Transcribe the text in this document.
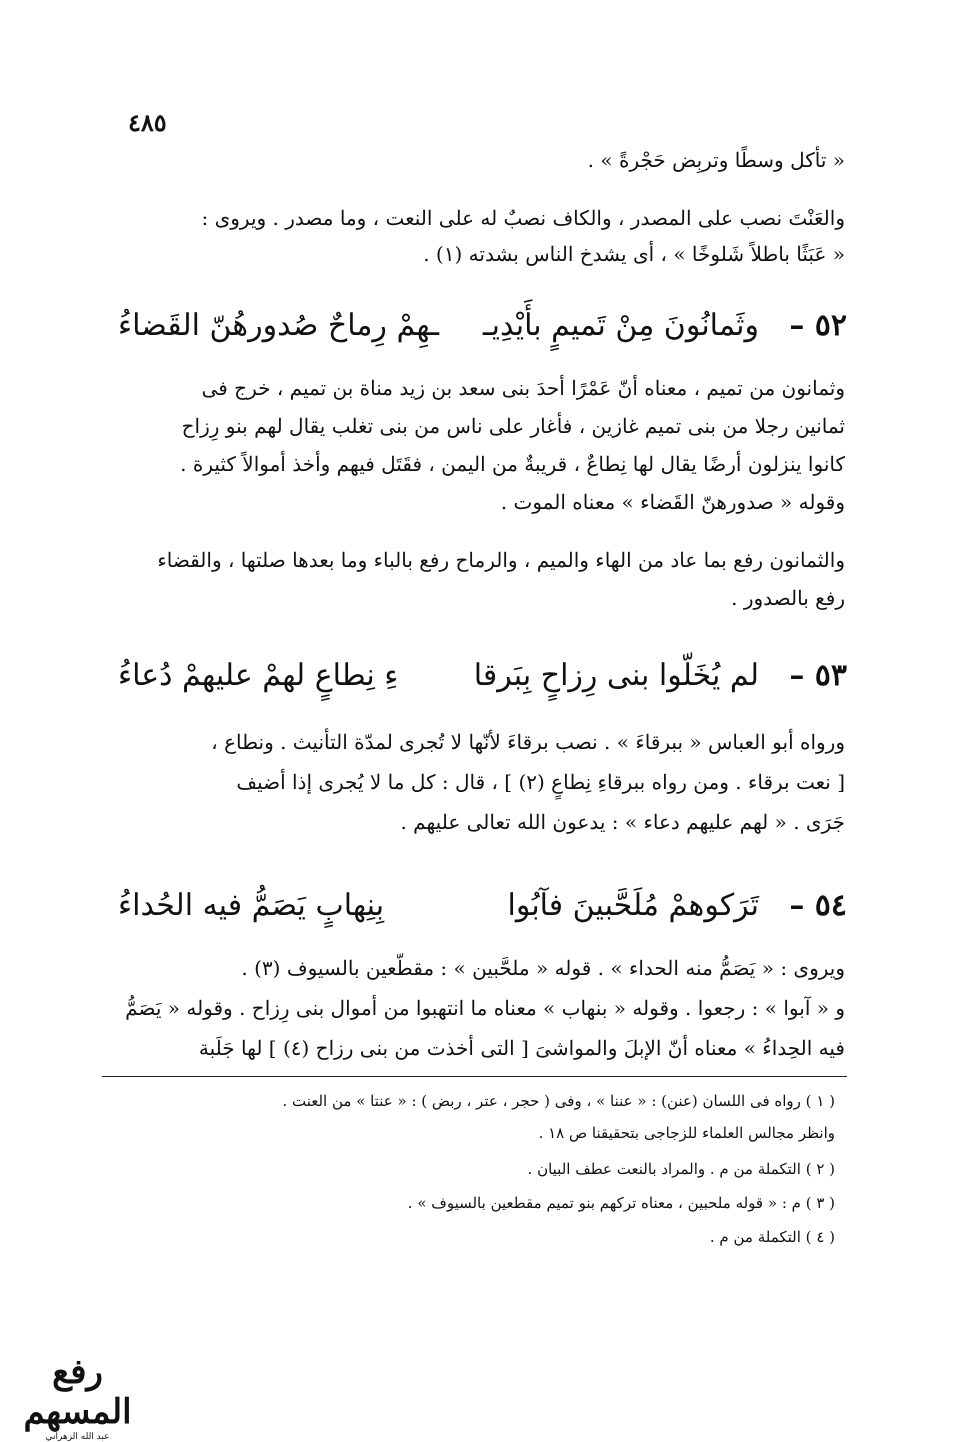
٤٨٥
« تأكل وسطًا وتربِض حَجْرةً » .
والعَنْتَ نصب على المصدر ، والكاف نصبٌ له على النعت ، وما مصدر . ويروى :
« عَبَثًا باطلاً شَلوخًا » ، أى يشدخ الناس بشدته (١) .
٥٢ –
وثَمانُونَ مِنْ تَميمٍ بأَيْدِيـ
ـهِمْ رِماحٌ صُدورهُنّ القَضاءُ
وثمانون من تميم ، معناه أنّ عَمْرًا أحدَ بنى سعد بن زيد مناة بن تميم ، خرج فى
ثمانين رجلا من بنى تميم غازين ، فأغار على ناس من بنى تغلب يقال لهم بنو رِزاح
كانوا ينزلون أرضًا يقال لها نِطاعٌ ، قريبةٌ من اليمن ، فقَتَل فيهم وأخذ أموالاً كثيرة .
وقوله « صدورهنّ القَضاء » معناه الموت .
والثمانون رفع بما عاد من الهاء والميم ، والرماح رفع بالباء وما بعدها صلتها ، والقضاء
رفع بالصدور .
٥٣ –
لم يُخَلّوا بنى رِزاحٍ بِبَرقا
ءِ نِطاعٍ لهمْ عليهمْ دُعاءُ
ورواه أبو العباس « ببرقاءَ » . نصب برقاءَ لأنّها لا تُجرى لمدّة التأنيث . ونطاع ،
[ نعت برقاء . ومن رواه ببرقاءِ نِطاعٍ (٢) ] ، قال : كل ما لا يُجرى إذا أضيف
جَرَى . « لهم عليهم دعاء » : يدعون الله تعالى عليهم .
٥٤ –
تَرَكوهمْ مُلَحَّبينَ فآبُوا
بِنِهابٍ يَصَمُّ فيه الحُداءُ
ويروى : « يَصَمُّ منه الحداء » . قوله « ملحَّبين » : مقطّعين بالسيوف (٣) .
و « آبوا » : رجعوا . وقوله « بنهاب » معناه ما انتهبوا من أموال بنى رِزاح . وقوله « يَصَمُّ
فيه الحِداءُ » معناه أنّ الإبلَ والمواشىَ [ التى أخذت من بنى رزاح (٤) ] لها جَلَبة
( ١ ) رواه فى اللسان (عنن) : « عننا » ، وفى ( حجر ، عتر ، ربض ) : « عنتا » من العنت .
وانظر مجالس العلماء للزجاجى بتحقيقنا ص ١٨ .
( ٢ ) التكملة من م . والمراد بالنعت عطف البيان .
( ٣ ) م : « قوله ملحبين ، معناه تركهم بنو تميم مقطعين بالسيوف » .
( ٤ ) التكملة من م .
رفع المسهم
عبد الله الزهراني
